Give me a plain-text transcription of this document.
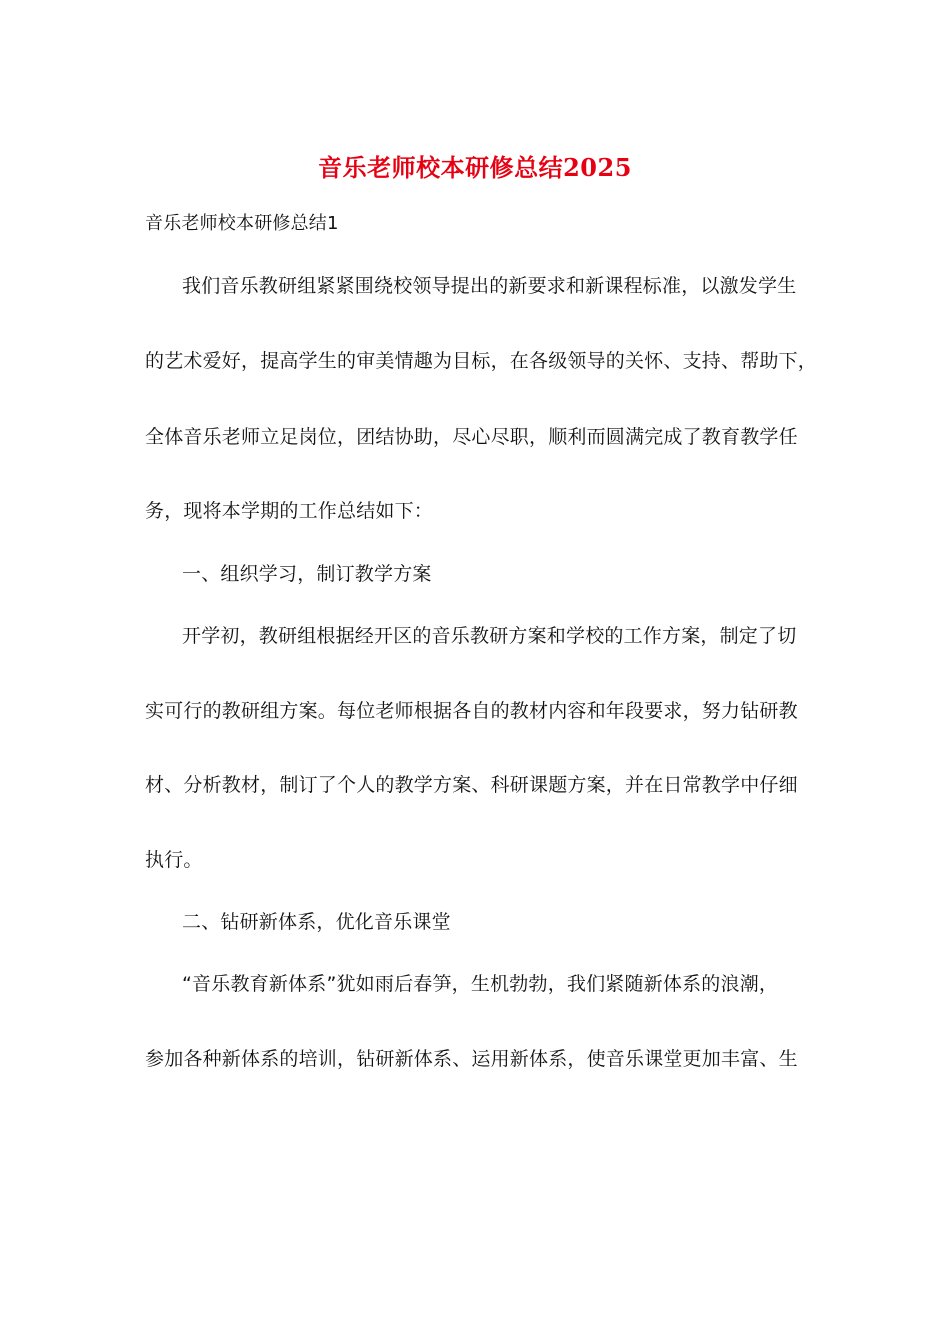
音乐老师校本研修总结2025

音乐老师校本研修总结1

我们音乐教研组紧紧围绕校领导提出的新要求和新课程标准，以激发学生

的艺术爱好，提高学生的审美情趣为目标，在各级领导的关怀、支持、帮助下，

全体音乐老师立足岗位，团结协助，尽心尽职，顺利而圆满完成了教育教学任

务，现将本学期的工作总结如下：

一、组织学习，制订教学方案

开学初，教研组根据经开区的音乐教研方案和学校的工作方案，制定了切

实可行的教研组方案。每位老师根据各自的教材内容和年段要求，努力钻研教

材、分析教材，制订了个人的教学方案、科研课题方案，并在日常教学中仔细

执行。

二、钻研新体系，优化音乐课堂

“音乐教育新体系”犹如雨后春笋，生机勃勃，我们紧随新体系的浪潮，

参加各种新体系的培训，钻研新体系、运用新体系，使音乐课堂更加丰富、生
